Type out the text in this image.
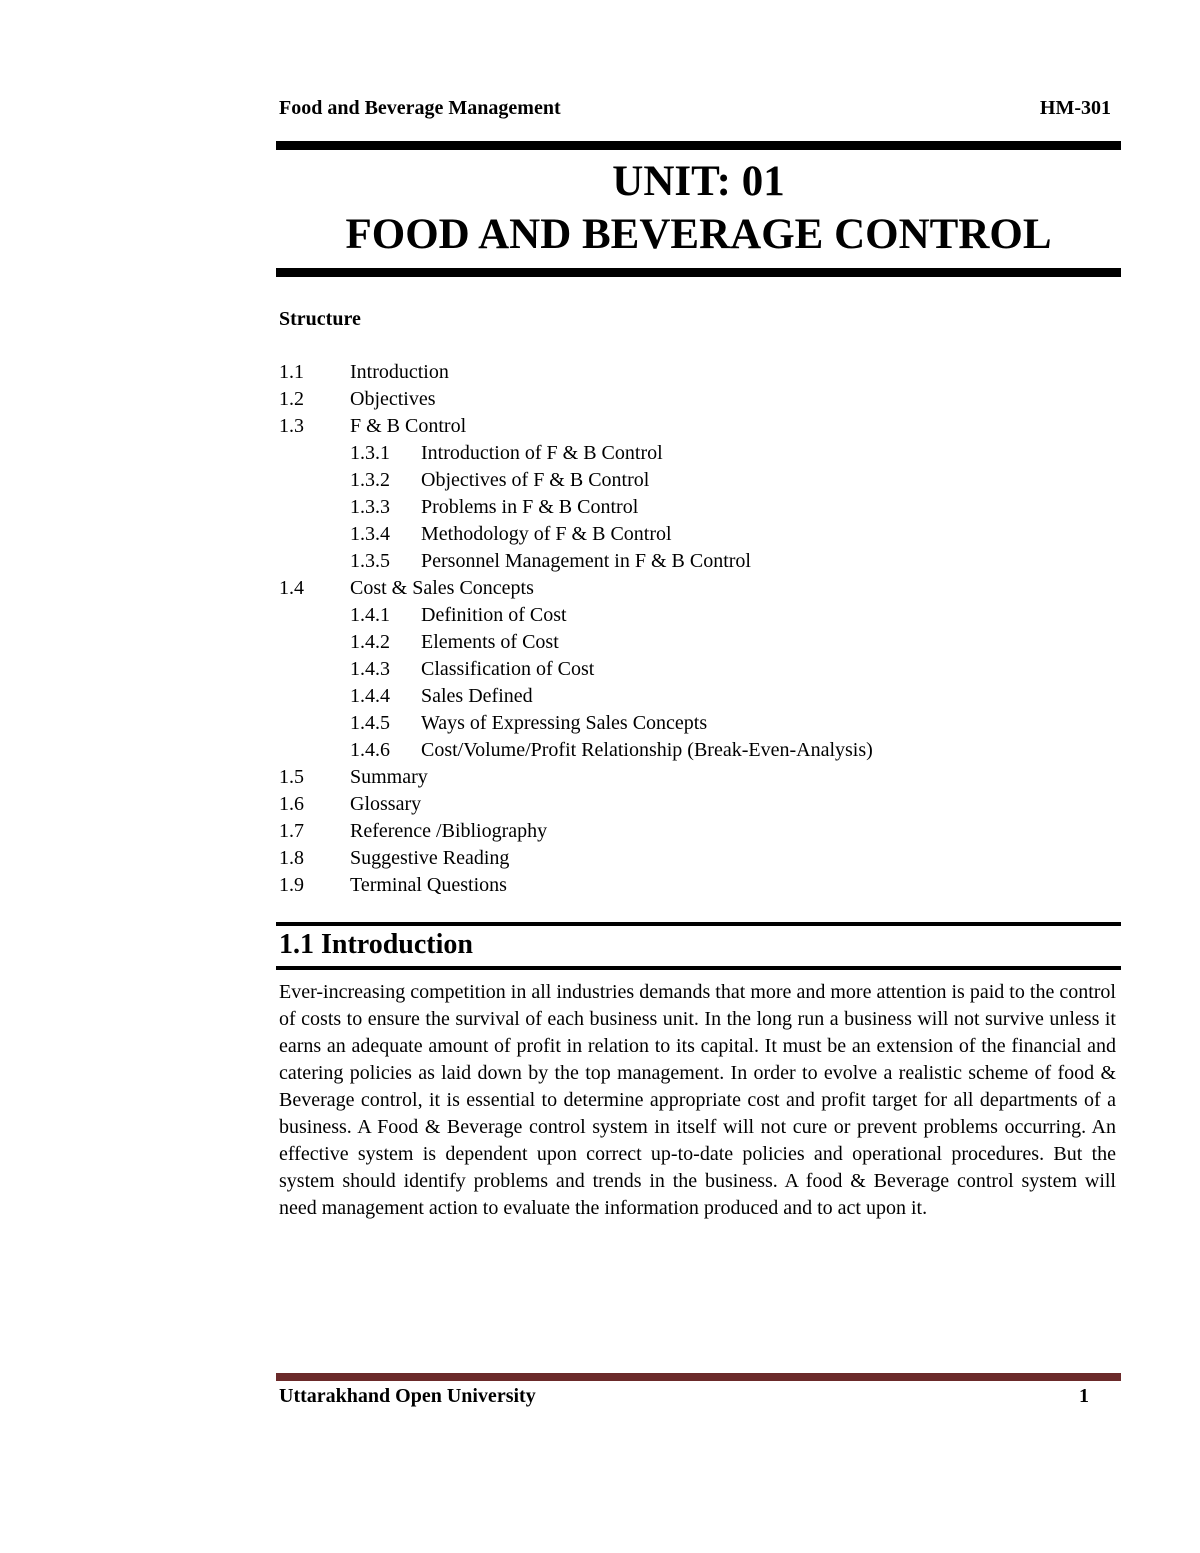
Food and Beverage Management	HM-301
UNIT: 01
FOOD AND BEVERAGE CONTROL
Structure
1.1 Introduction
1.2 Objectives
1.3 F & B Control
1.3.1 Introduction of F & B Control
1.3.2 Objectives of F & B Control
1.3.3 Problems in F & B Control
1.3.4 Methodology of F & B Control
1.3.5 Personnel Management in F & B Control
1.4 Cost & Sales Concepts
1.4.1 Definition of Cost
1.4.2 Elements of Cost
1.4.3 Classification of Cost
1.4.4 Sales Defined
1.4.5 Ways of Expressing Sales Concepts
1.4.6 Cost/Volume/Profit Relationship (Break-Even-Analysis)
1.5 Summary
1.6 Glossary
1.7 Reference /Bibliography
1.8 Suggestive Reading
1.9 Terminal Questions
1.1 Introduction
Ever-increasing competition in all industries demands that more and more attention is paid to the control of costs to ensure the survival of each business unit. In the long run a business will not survive unless it earns an adequate amount of profit in relation to its capital. It must be an extension of the financial and catering policies as laid down by the top management. In order to evolve a realistic scheme of food & Beverage control, it is essential to determine appropriate cost and profit target for all departments of a business. A Food & Beverage control system in itself will not cure or prevent problems occurring. An effective system is dependent upon correct up-to-date policies and operational procedures. But the system should identify problems and trends in the business. A food & Beverage control system will need management action to evaluate the information produced and to act upon it.
Uttarakhand Open University	1
